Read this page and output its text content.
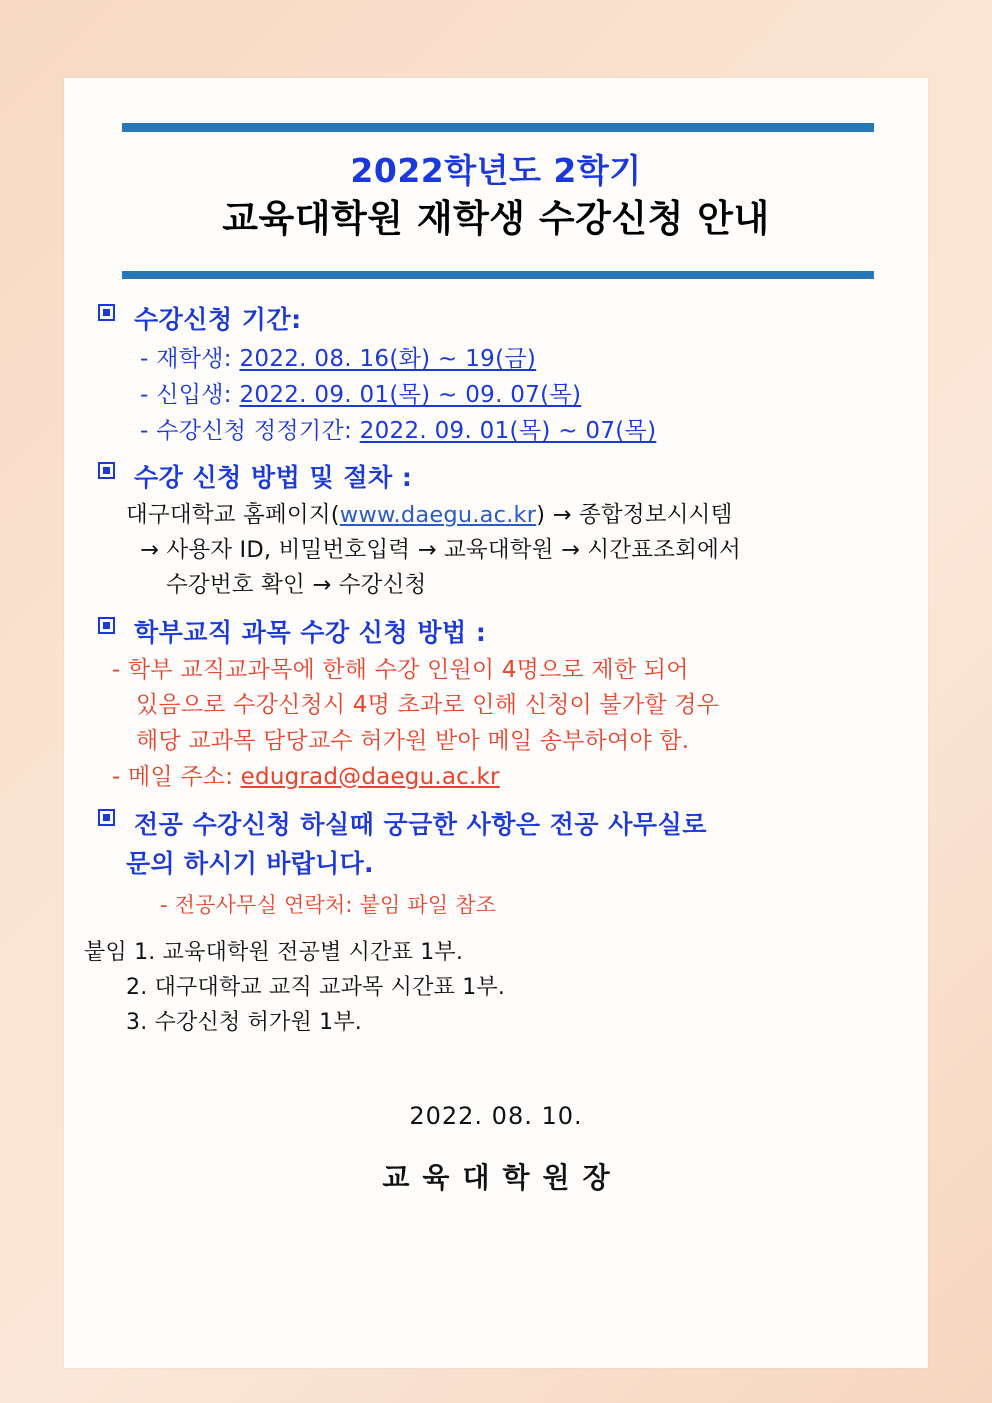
2022학년도 2학기
교육대학원 재학생 수강신청 안내
수강신청 기간:
- 재학생: 2022. 08. 16(화) ~ 19(금)
- 신입생: 2022. 09. 01(목) ~ 09. 07(목)
- 수강신청 정정기간: 2022. 09. 01(목) ~ 07(목)
수강 신청 방법 및 절차 :
대구대학교 홈페이지(www.daegu.ac.kr) → 종합정보시시템
→ 사용자 ID, 비밀번호입력 → 교육대학원 → 시간표조회에서
수강번호 확인 → 수강신청
학부교직 과목 수강 신청 방법 :
- 학부 교직교과목에 한해 수강 인원이 4명으로 제한 되어
있음으로 수강신청시 4명 초과로 인해 신청이 불가할 경우
해당 교과목 담당교수 허가원 받아 메일 송부하여야 함.
- 메일 주소: edugrad@daegu.ac.kr
전공 수강신청 하실때 궁금한 사항은 전공 사무실로
문의 하시기 바랍니다.
- 전공사무실 연락처: 붙임 파일 참조
붙임 1. 교육대학원 전공별 시간표 1부.
2. 대구대학교 교직 교과목 시간표 1부.
3. 수강신청 허가원 1부.
2022. 08. 10.
교육대학원장
